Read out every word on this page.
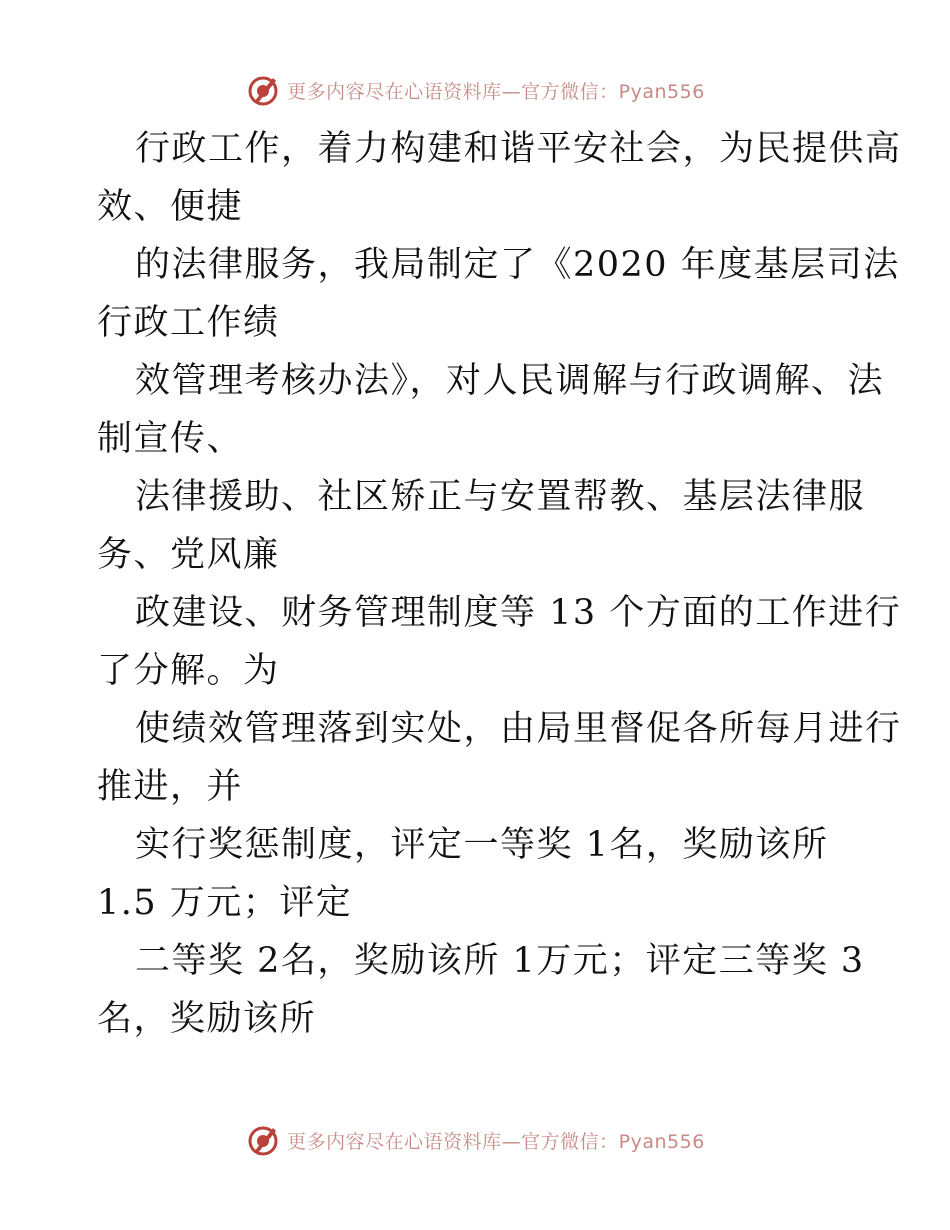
更多内容尽在心语资料库—官方微信：Pyan556
行政工作，着力构建和谐平安社会，为民提供高
效、便捷
的法律服务，我局制定了《2020 年度基层司法
行政工作绩
效管理考核办法》，对人民调解与行政调解、法
制宣传、
法律援助、社区矫正与安置帮教、基层法律服
务、党风廉
政建设、财务管理制度等 13 个方面的工作进行
了分解。为
使绩效管理落到实处，由局里督促各所每月进行
推进，并
实行奖惩制度，评定一等奖 1名，奖励该所
1.5 万元；评定
二等奖 2名，奖励该所 1万元；评定三等奖 3
名，奖励该所
更多内容尽在心语资料库—官方微信：Pyan556
